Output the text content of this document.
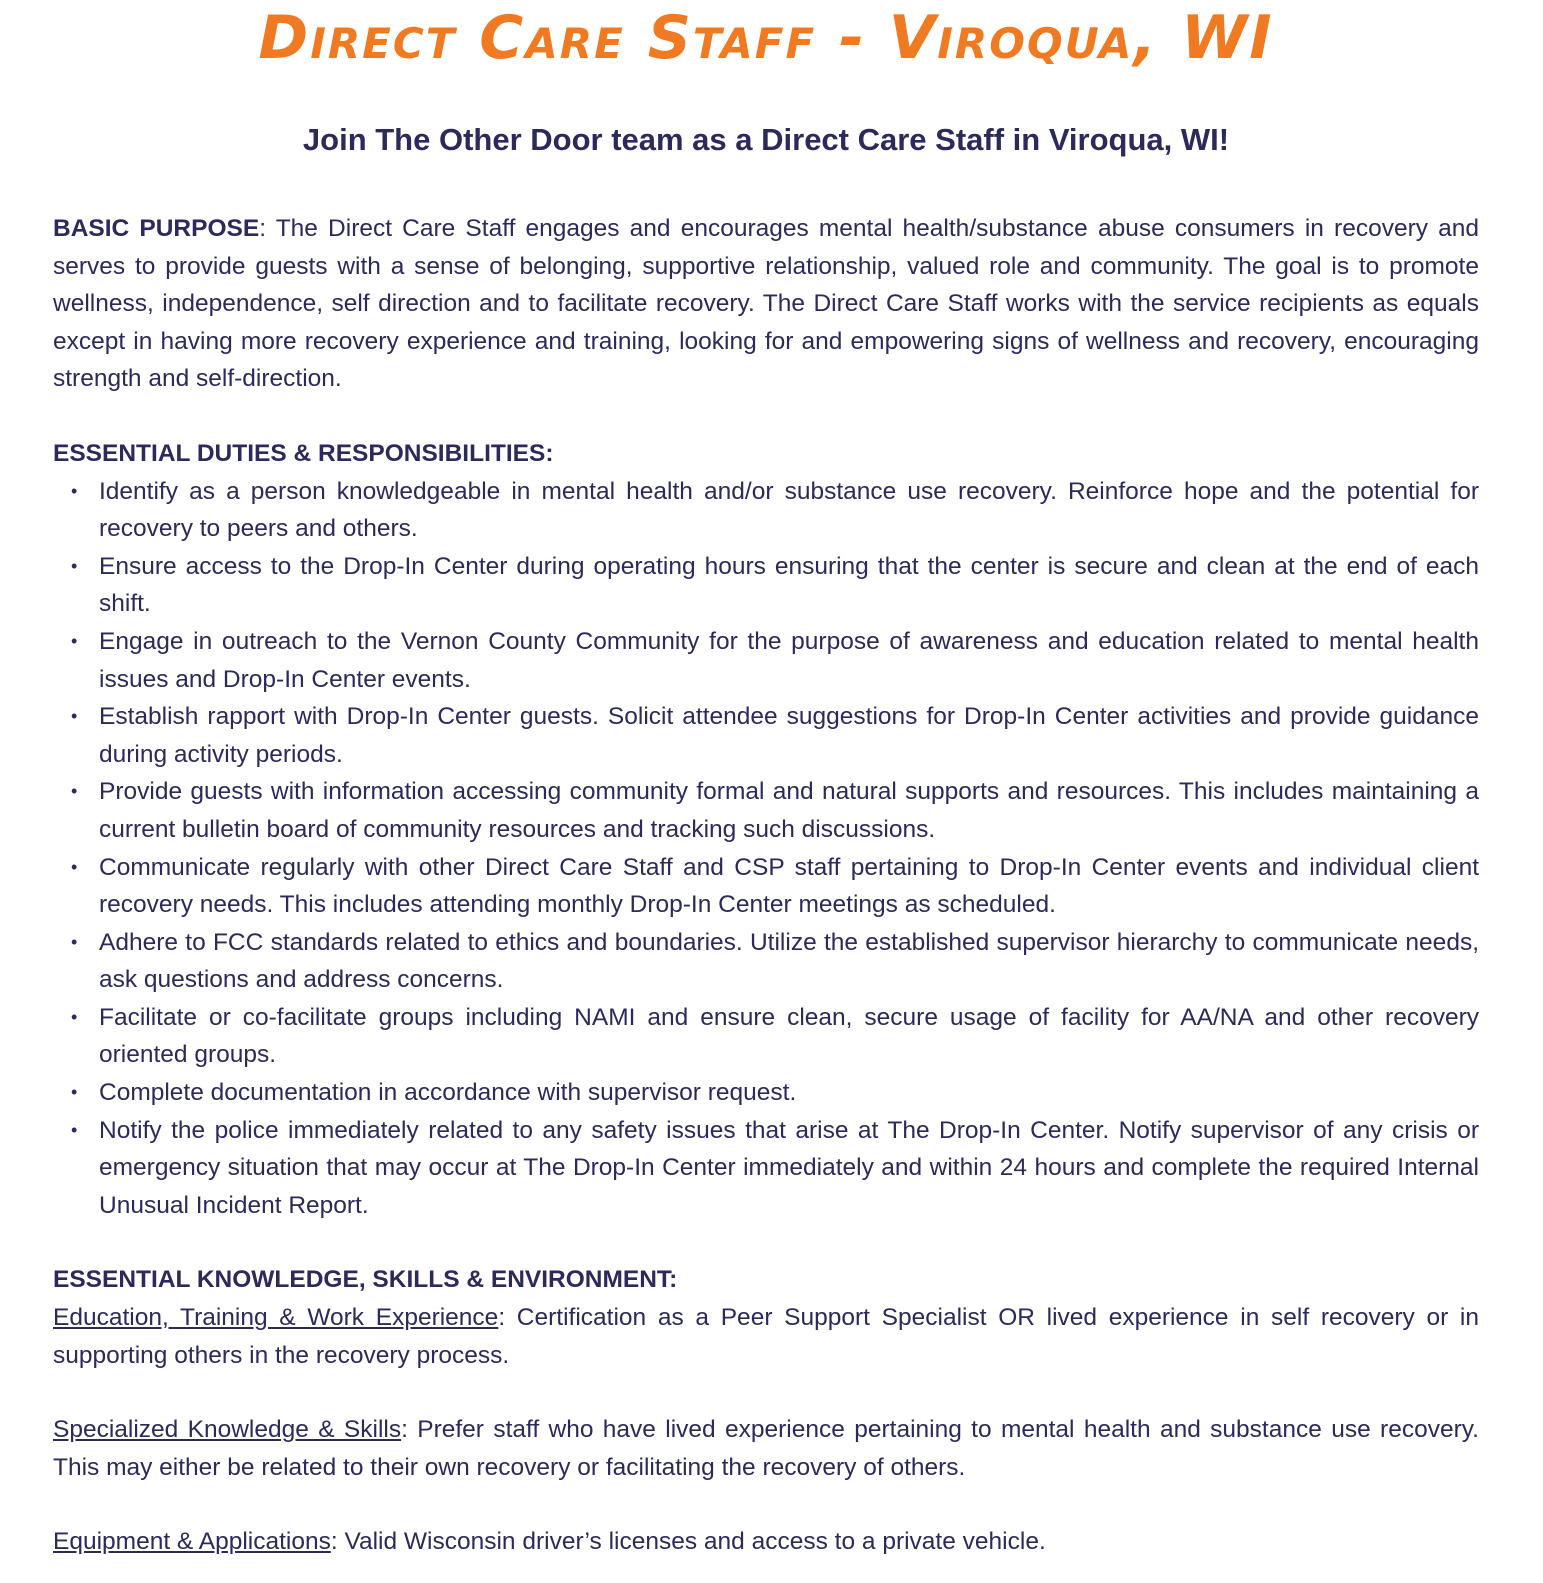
Direct Care Staff - Viroqua, WI
Join The Other Door team as a Direct Care Staff in Viroqua, WI!

BASIC PURPOSE: The Direct Care Staff engages and encourages mental health/substance abuse consumers in recovery and serves to provide guests with a sense of belonging, supportive relationship, valued role and community. The goal is to promote wellness, independence, self direction and to facilitate recovery. The Direct Care Staff works with the service recipients as equals except in having more recovery experience and training, looking for and empowering signs of wellness and recovery, encouraging strength and self-direction.

ESSENTIAL DUTIES & RESPONSIBILITIES:
• Identify as a person knowledgeable in mental health and/or substance use recovery. Reinforce hope and the potential for recovery to peers and others.
• Ensure access to the Drop-In Center during operating hours ensuring that the center is secure and clean at the end of each shift.
• Engage in outreach to the Vernon County Community for the purpose of awareness and education related to mental health issues and Drop-In Center events.
• Establish rapport with Drop-In Center guests. Solicit attendee suggestions for Drop-In Center activities and provide guidance during activity periods.
• Provide guests with information accessing community formal and natural supports and resources. This includes maintaining a current bulletin board of community resources and tracking such discussions.
• Communicate regularly with other Direct Care Staff and CSP staff pertaining to Drop-In Center events and individual client recovery needs. This includes attending monthly Drop-In Center meetings as scheduled.
• Adhere to FCC standards related to ethics and boundaries. Utilize the established supervisor hierarchy to communicate needs, ask questions and address concerns.
• Facilitate or co-facilitate groups including NAMI and ensure clean, secure usage of facility for AA/NA and other recovery oriented groups.
• Complete documentation in accordance with supervisor request.
• Notify the police immediately related to any safety issues that arise at The Drop-In Center. Notify supervisor of any crisis or emergency situation that may occur at The Drop-In Center immediately and within 24 hours and complete the required Internal Unusual Incident Report.
ESSENTIAL KNOWLEDGE, SKILLS & ENVIRONMENT:

Education, Training & Work Experience: Certification as a Peer Support Specialist OR lived experience in self recovery or in supporting others in the recovery process.

Specialized Knowledge & Skills: Prefer staff who have lived experience pertaining to mental health and substance use recovery. This may either be related to their own recovery or facilitating the recovery of others.

Equipment & Applications: Valid Wisconsin driver’s licenses and access to a private vehicle.
